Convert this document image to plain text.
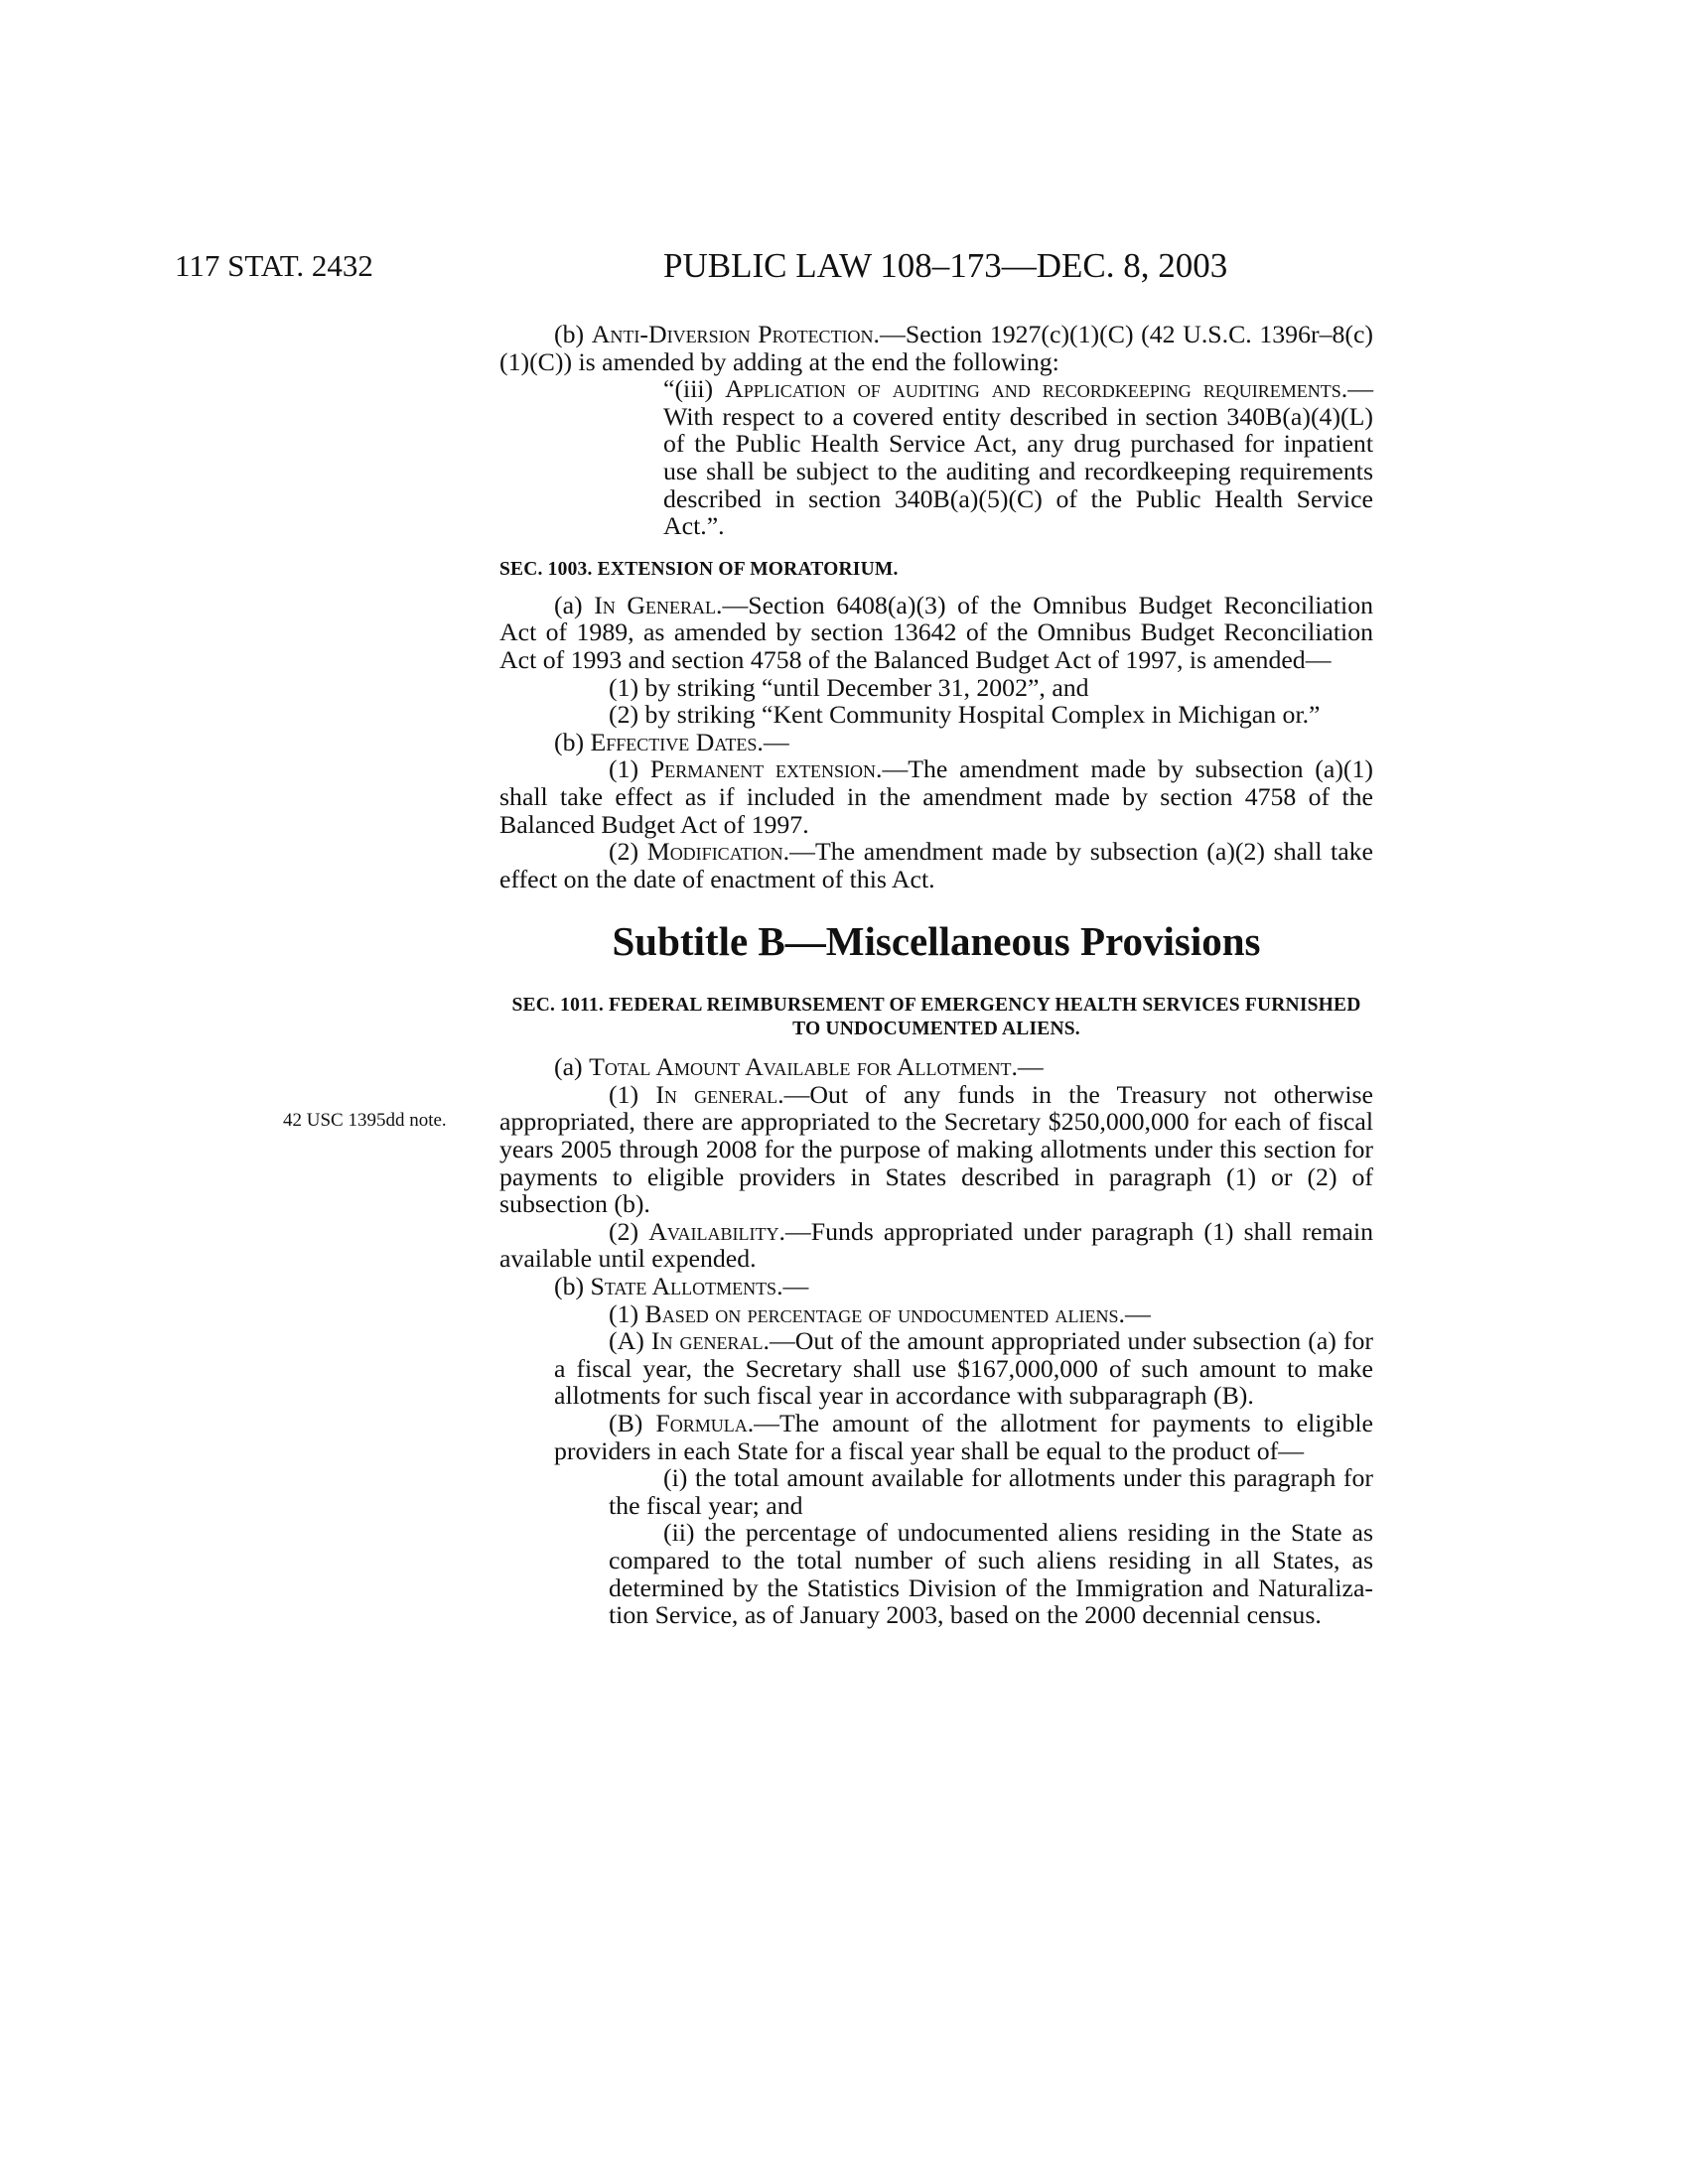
117 STAT. 2432	PUBLIC LAW 108–173—DEC. 8, 2003
42 USC 1395dd note.

(b) Anti-Diversion Protection.—Section 1927(c)(1)(C) (42 U.S.C. 1396r–8(c)(1)(C)) is amended by adding at the end the following:

“(iii) Application of auditing and recordkeeping requirements.—With respect to a covered entity described in section 340B(a)(4)(L) of the Public Health Service Act, any drug purchased for inpatient use shall be subject to the auditing and recordkeeping requirements described in section 340B(a)(5)(C) of the Public Health Service Act.”.

SEC. 1003. EXTENSION OF MORATORIUM.

(a) In General.—Section 6408(a)(3) of the Omnibus Budget Reconciliation Act of 1989, as amended by section 13642 of the Omnibus Budget Reconciliation Act of 1993 and section 4758 of the Balanced Budget Act of 1997, is amended—

(1) by striking “until December 31, 2002”, and

(2) by striking “Kent Community Hospital Complex in Michigan or.”

(b) Effective Dates.—

(1) Permanent extension.—The amendment made by subsection (a)(1) shall take effect as if included in the amendment made by section 4758 of the Balanced Budget Act of 1997.

(2) Modification.—The amendment made by subsection (a)(2) shall take effect on the date of enactment of this Act.

Subtitle B—Miscellaneous Provisions
SEC. 1011. FEDERAL REIMBURSEMENT OF EMERGENCY HEALTH SERVICES FURNISHED TO UNDOCUMENTED ALIENS.

(a) Total Amount Available for Allotment.—

(1) In general.—Out of any funds in the Treasury not otherwise appropriated, there are appropriated to the Secretary $250,000,000 for each of fiscal years 2005 through 2008 for the purpose of making allotments under this section for payments to eligible providers in States described in paragraph (1) or (2) of subsection (b).

(2) Availability.—Funds appropriated under paragraph (1) shall remain available until expended.

(b) State Allotments.—

(1) Based on percentage of undocumented aliens.—

(A) In general.—Out of the amount appropriated under subsection (a) for a fiscal year, the Secretary shall use $167,000,000 of such amount to make allotments for such fiscal year in accordance with subparagraph (B).

(B) Formula.—The amount of the allotment for payments to eligible providers in each State for a fiscal year shall be equal to the product of—

(i) the total amount available for allotments under this paragraph for the fiscal year; and

(ii) the percentage of undocumented aliens residing in the State as compared to the total number of such aliens residing in all States, as determined by the Statistics Division of the Immigration and Naturalization Service, as of January 2003, based on the 2000 decennial census.
